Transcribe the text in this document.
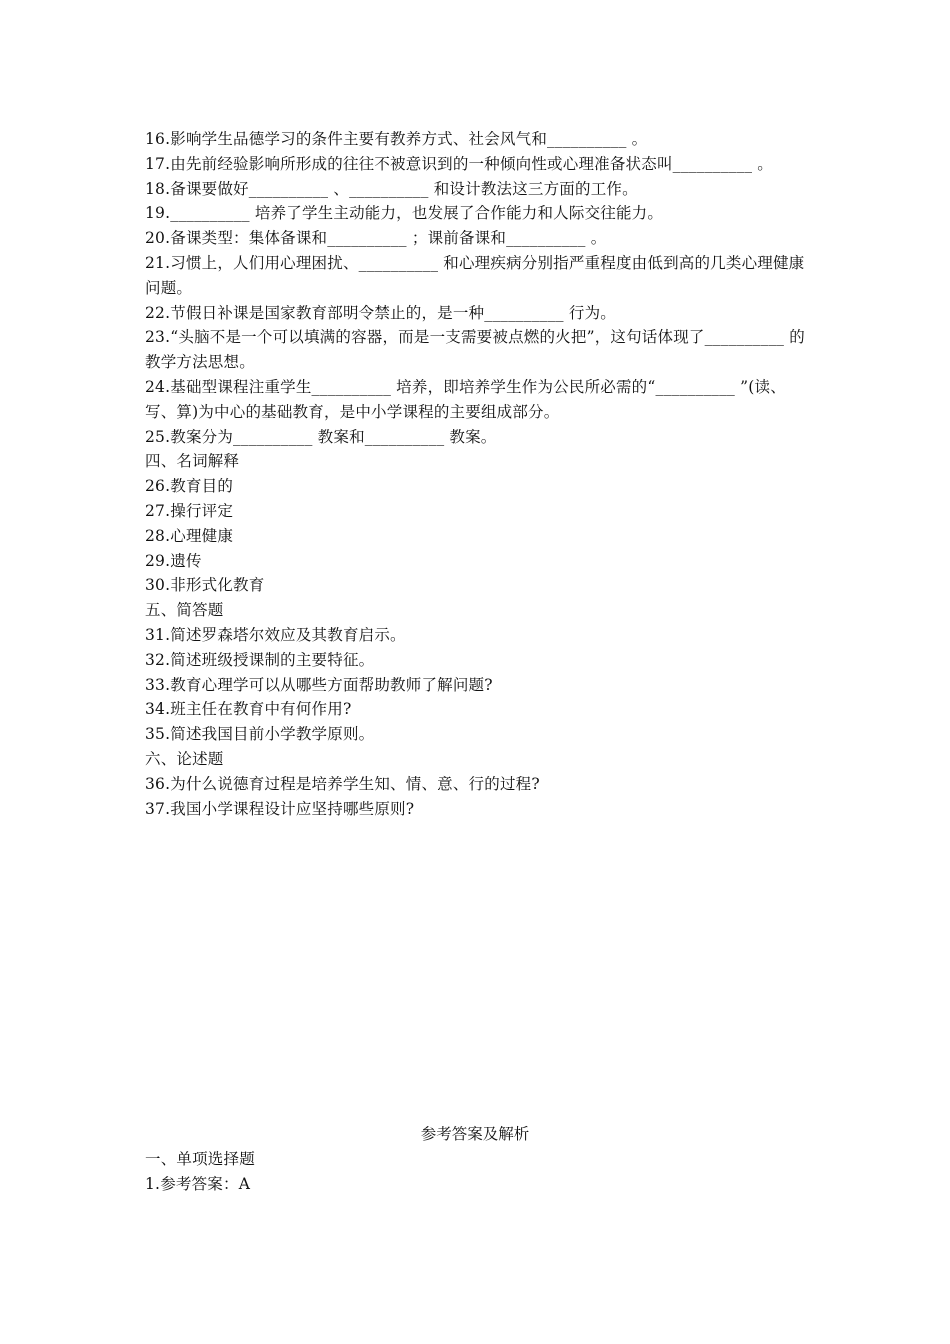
16.影响学生品德学习的条件主要有教养方式、社会风气和__________ 。

17.由先前经验影响所形成的往往不被意识到的一种倾向性或心理准备状态叫__________ 。

18.备课要做好__________ 、__________ 和设计教法这三方面的工作。

19.__________ 培养了学生主动能力，也发展了合作能力和人际交往能力。

20.备课类型：集体备课和__________ ；课前备课和__________ 。

21.习惯上，人们用心理困扰、__________ 和心理疾病分别指严重程度由低到高的几类心理健康问题。

22.节假日补课是国家教育部明令禁止的，是一种__________ 行为。

23.“头脑不是一个可以填满的容器，而是一支需要被点燃的火把”，这句话体现了__________ 的教学方法思想。

24.基础型课程注重学生__________ 培养，即培养学生作为公民所必需的“__________ ”(读、写、算)为中心的基础教育，是中小学课程的主要组成部分。

25.教案分为__________ 教案和__________ 教案。

四、名词解释

26.教育目的

27.操行评定

28.心理健康

29.遗传

30.非形式化教育

五、简答题

31.简述罗森塔尔效应及其教育启示。

32.简述班级授课制的主要特征。

33.教育心理学可以从哪些方面帮助教师了解问题?

34.班主任在教育中有何作用?

35.简述我国目前小学教学原则。

六、论述题

36.为什么说德育过程是培养学生知、情、意、行的过程?

37.我国小学课程设计应坚持哪些原则?

参考答案及解析

一、单项选择题

1.参考答案：A
